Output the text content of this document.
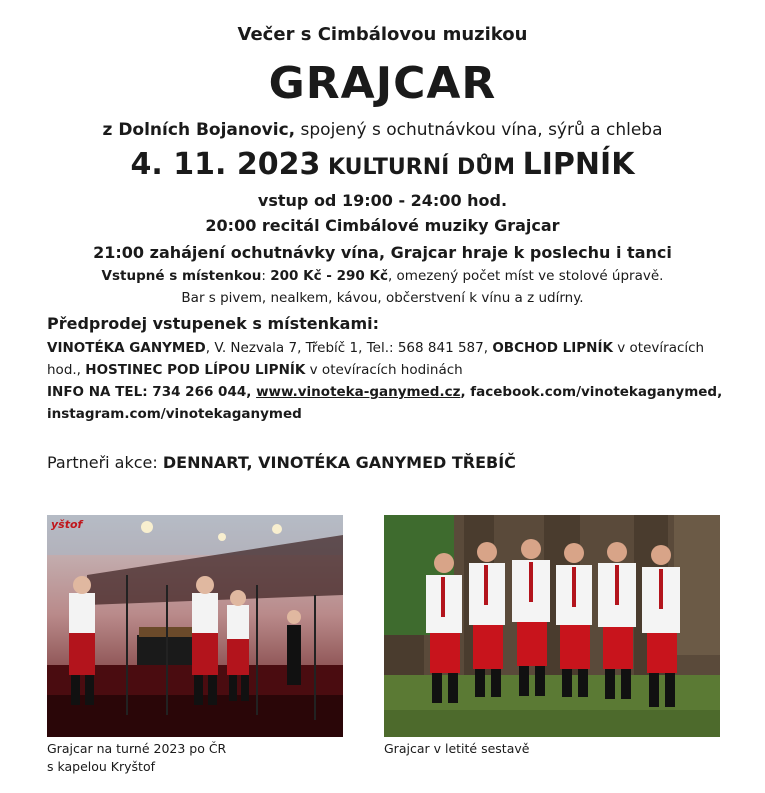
Večer s Cimbálovou muzikou
GRAJCAR
z Dolních Bojanovic, spojený s ochutnávkou vína, sýrů a chleba
4. 11. 2023 KULTURNÍ DŮM LIPNÍK
vstup od 19:00 - 24:00 hod.
20:00 recitál Cimbálové muziky Grajcar
21:00 zahájení ochutnávky vína, Grajcar hraje k poslechu i tanci
Vstupné s místenkou: 200 Kč - 290 Kč, omezený počet míst ve stolové úpravě.
Bar s pivem, nealkem, kávou, občerstvení k vínu a z udírny.
Předprodej vstupenek s místenkami:
VINOTÉKA GANYMED, V. Nezvala 7, Třebíč 1, Tel.: 568 841 587, OBCHOD LIPNÍK v otevíracích
hod., HOSTINEC POD LÍPOU LIPNÍK v otevíracích hodinách
INFO NA TEL: 734 266 044, www.vinoteka-ganymed.cz, facebook.com/vinotekaganymed,
instagram.com/vinotekaganymed
Partneři akce: DENNART, VINOTÉKA GANYMED TŘEBÍČ
yštof
Grajcar na turné 2023 po ČR
s kapelou Kryštof
Grajcar v letité sestavě
